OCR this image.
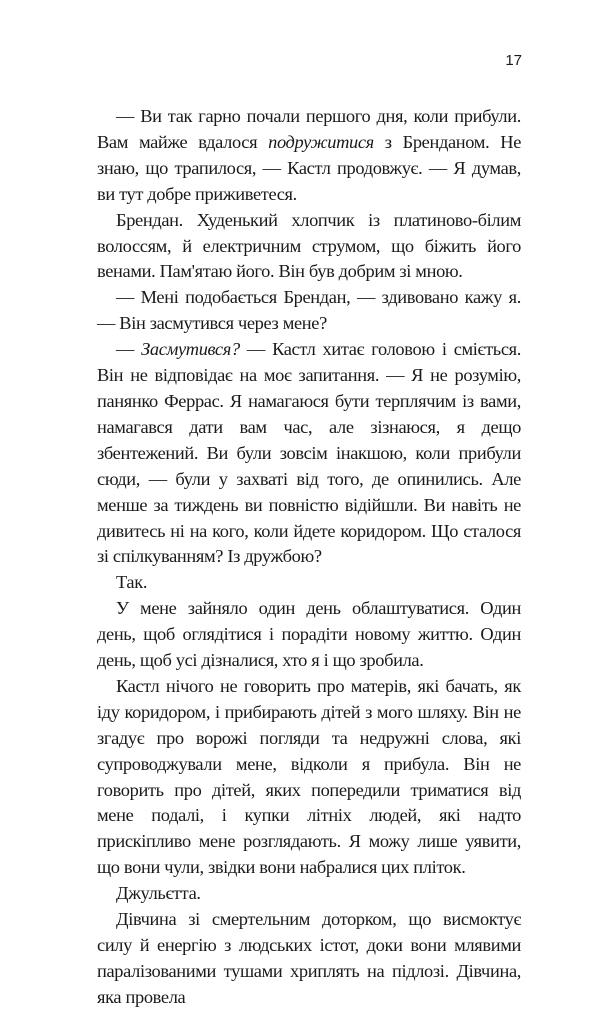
17

— Ви так гарно почали першого дня, коли прибули. Вам майже вдалося подружитися з Бренданом. Не знаю, що трапилося, — Кастл продовжує. — Я думав, ви тут добре приживетеся.

Брендан. Худенький хлопчик із платиново-білим волоссям, й електричним струмом, що біжить його венами. Пам'ятаю його. Він був добрим зі мною.

— Мені подобається Брендан, — здивовано кажу я. — Він засмутився через мене?

— Засмутився? — Кастл хитає головою і сміється. Він не відповідає на моє запитання. — Я не розумію, панянко Феррас. Я намагаюся бути терплячим із вами, намагався дати вам час, але зізнаюся, я дещо збентежений. Ви були зовсім інакшою, коли прибули сюди, — були у захваті від того, де опинились. Але менше за тиждень ви повністю відійшли. Ви навіть не дивитесь ні на кого, коли йдете коридором. Що сталося зі спілкуванням? Із дружбою?

Так.

У мене зайняло один день облаштуватися. Один день, щоб оглядітися і порадіти новому життю. Один день, щоб усі дізналися, хто я і що зробила.

Кастл нічого не говорить про матерів, які бачать, як іду коридором, і прибирають дітей з мого шляху. Він не згадує про ворожі погляди та недружні слова, які супроводжували мене, відколи я прибула. Він не говорить про дітей, яких попередили триматися від мене подалі, і купки літніх людей, які надто прискіпливо мене розглядають. Я можу лише уявити, що вони чули, звідки вони набралися цих пліток.

Джульєтта.

Дівчина зі смертельним доторком, що висмоктує силу й енергію з людських істот, доки вони млявими паралізованими тушами хриплять на підлозі. Дівчина, яка провела
